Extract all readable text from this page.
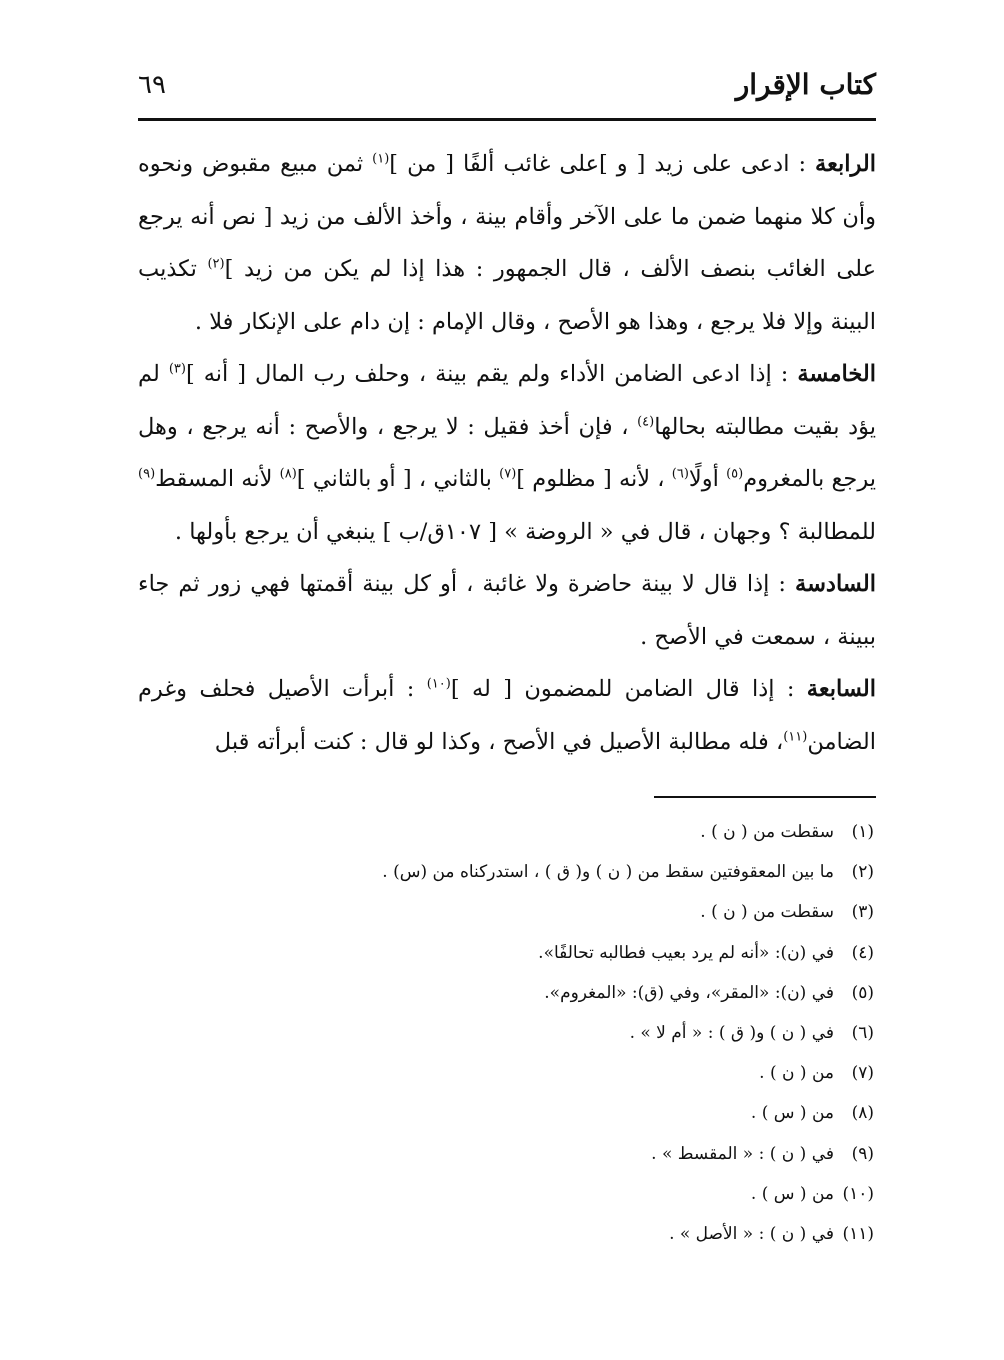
كتاب الإقرار
٦٩

الرابعة : ادعى على زيد [ و ]على غائب ألفًا [ من ]$^{(١)}$ ثمن مبيع مقبوض ونحوه وأن كلا منهما ضمن ما على الآخر وأقام بينة ، وأخذ الألف من زيد [ نص أنه يرجع على الغائب بنصف الألف ، قال الجمهور : هذا إذا لم يكن من زيد ]$^{(٢)}$ تكذيب البينة وإلا فلا يرجع ، وهذا هو الأصح ، وقال الإمام : إن دام على الإنكار فلا .

الخامسة : إذا ادعى الضامن الأداء ولم يقم بينة ، وحلف رب المال [ أنه ]$^{(٣)}$ لم يؤد بقيت مطالبته بحالها$^{(٤)}$ ، فإن أخذ فقيل : لا يرجع ، والأصح : أنه يرجع ، وهل يرجع بالمغروم$^{(٥)}$ أولًا$^{(٦)}$ ، لأنه [ مظلوم ]$^{(٧)}$ بالثاني ، [ أو بالثاني ]$^{(٨)}$ لأنه المسقط$^{(٩)}$ للمطالبة ؟ وجهان ، قال في « الروضة » [ ١٠٧ق/ب ] ينبغي أن يرجع بأولها .

السادسة : إذا قال لا بينة حاضرة ولا غائبة ، أو كل بينة أقمتها فهي زور ثم جاء ببينة ، سمعت في الأصح .

السابعة : إذا قال الضامن للمضمون [ له ]$^{(١٠)}$ : أبرأت الأصيل فحلف وغرم الضامن$^{(١١)}$، فله مطالبة الأصيل في الأصح ، وكذا لو قال : كنت أبرأته قبل

(١)
سقطت من ( ن ) .
(٢)
ما بين المعقوفتين سقط من ( ن ) و( ق ) ، استدركناه من (س) .
(٣)
سقطت من ( ن ) .
(٤)
في (ن): «أنه لم يرد بعيب فطالبه تحالفًا».
(٥)
في (ن): «المقر»، وفي (ق): «المغروم».
(٦)
في ( ن ) و( ق ) : « أم لا » .
(٧)
من ( ن ) .
(٨)
من ( س ) .
(٩)
في ( ن ) : « المقسط » .
(١٠)
من ( س ) .
(١١)
في ( ن ) : « الأصل » .
